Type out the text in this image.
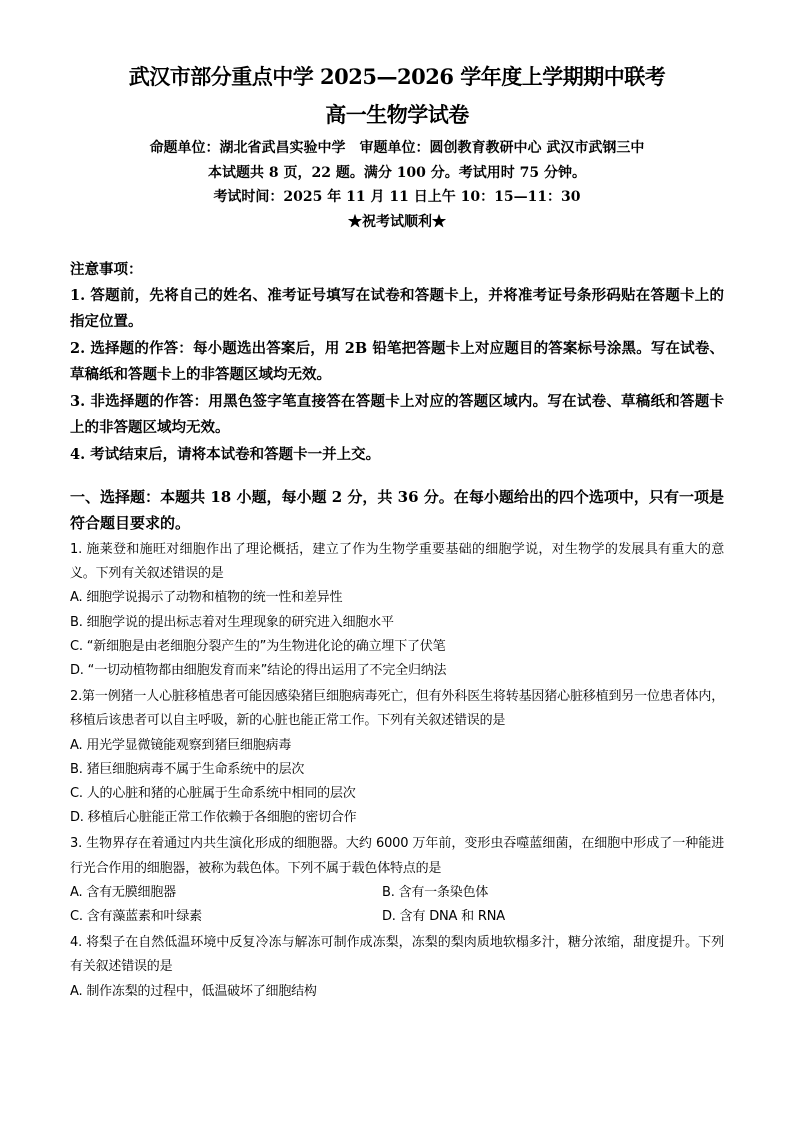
武汉市部分重点中学 2025—2026 学年度上学期期中联考
高一生物学试卷
命题单位：湖北省武昌实验中学　审题单位：圆创教育教研中心 武汉市武钢三中
本试题共 8 页，22 题。满分 100 分。考试用时 75 分钟。
考试时间：2025 年 11 月 11 日上午 10：15—11：30
★祝考试顺利★
注意事项：
1. 答题前，先将自己的姓名、准考证号填写在试卷和答题卡上，并将准考证号条形码贴在答题卡上的指定位置。
2. 选择题的作答：每小题选出答案后，用 2B 铅笔把答题卡上对应题目的答案标号涂黑。写在试卷、草稿纸和答题卡上的非答题区域均无效。
3. 非选择题的作答：用黑色签字笔直接答在答题卡上对应的答题区域内。写在试卷、草稿纸和答题卡上的非答题区域均无效。
4. 考试结束后，请将本试卷和答题卡一并上交。
一、选择题：本题共 18 小题，每小题 2 分，共 36 分。在每小题给出的四个选项中，只有一项是符合题目要求的。
1. 施莱登和施旺对细胞作出了理论概括，建立了作为生物学重要基础的细胞学说，对生物学的发展具有重大的意义。下列有关叙述错误的是
A. 细胞学说揭示了动物和植物的统一性和差异性
B. 细胞学说的提出标志着对生理现象的研究进入细胞水平
C. “新细胞是由老细胞分裂产生的”为生物进化论的确立埋下了伏笔
D. “一切动植物都由细胞发育而来”结论的得出运用了不完全归纳法
2.第一例猪一人心脏移植患者可能因感染猪巨细胞病毒死亡，但有外科医生将转基因猪心脏移植到另一位患者体内，移植后该患者可以自主呼吸，新的心脏也能正常工作。下列有关叙述错误的是
A. 用光学显微镜能观察到猪巨细胞病毒
B. 猪巨细胞病毒不属于生命系统中的层次
C. 人的心脏和猪的心脏属于生命系统中相同的层次
D. 移植后心脏能正常工作依赖于各细胞的密切合作
3. 生物界存在着通过内共生演化形成的细胞器。大约 6000 万年前，变形虫吞噬蓝细菌，在细胞中形成了一种能进行光合作用的细胞器，被称为载色体。下列不属于载色体特点的是
A. 含有无膜细胞器	B. 含有一条染色体
C. 含有藻蓝素和叶绿素	D. 含有 DNA 和 RNA
4. 将梨子在自然低温环境中反复冷冻与解冻可制作成冻梨，冻梨的梨肉质地软榻多汁，糖分浓缩，甜度提升。下列有关叙述错误的是
A. 制作冻梨的过程中，低温破坏了细胞结构
